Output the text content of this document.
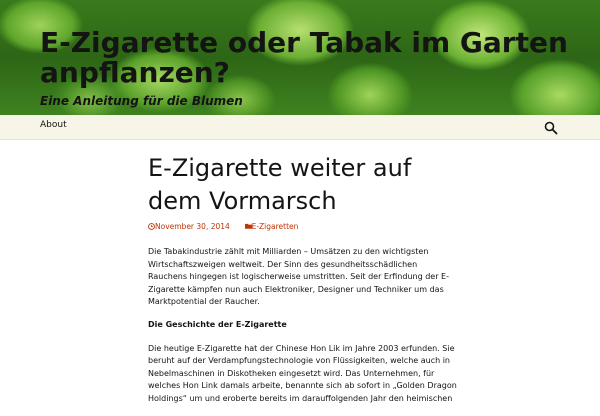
E-Zigarette oder Tabak im Garten anpflanzen?
Eine Anleitung für die Blumen
About
E-Zigarette weiter auf dem Vormarsch
November 30, 2014	E-Zigaretten

Die Tabakindustrie zählt mit Milliarden – Umsätzen zu den wichtigsten Wirtschaftszweigen weltweit. Der Sinn des gesundheitsschädlichen Rauchens hingegen ist logischerweise umstritten. Seit der Erfindung der E-Zigarette kämpfen nun auch Elektroniker, Designer und Techniker um das Marktpotential der Raucher.

Die Geschichte der E-Zigarette

Die heutige E-Zigarette hat der Chinese Hon Lik im Jahre 2003 erfunden. Sie beruht auf der Verdampfungstechnologie von Flüssigkeiten, welche auch in Nebelmaschinen in Diskotheken eingesetzt wird. Das Unternehmen, für welches Hon Link damals arbeite, benannte sich ab sofort in „Golden Dragon Holdings“ um und eroberte bereits im darauffolgenden Jahr den heimischen
